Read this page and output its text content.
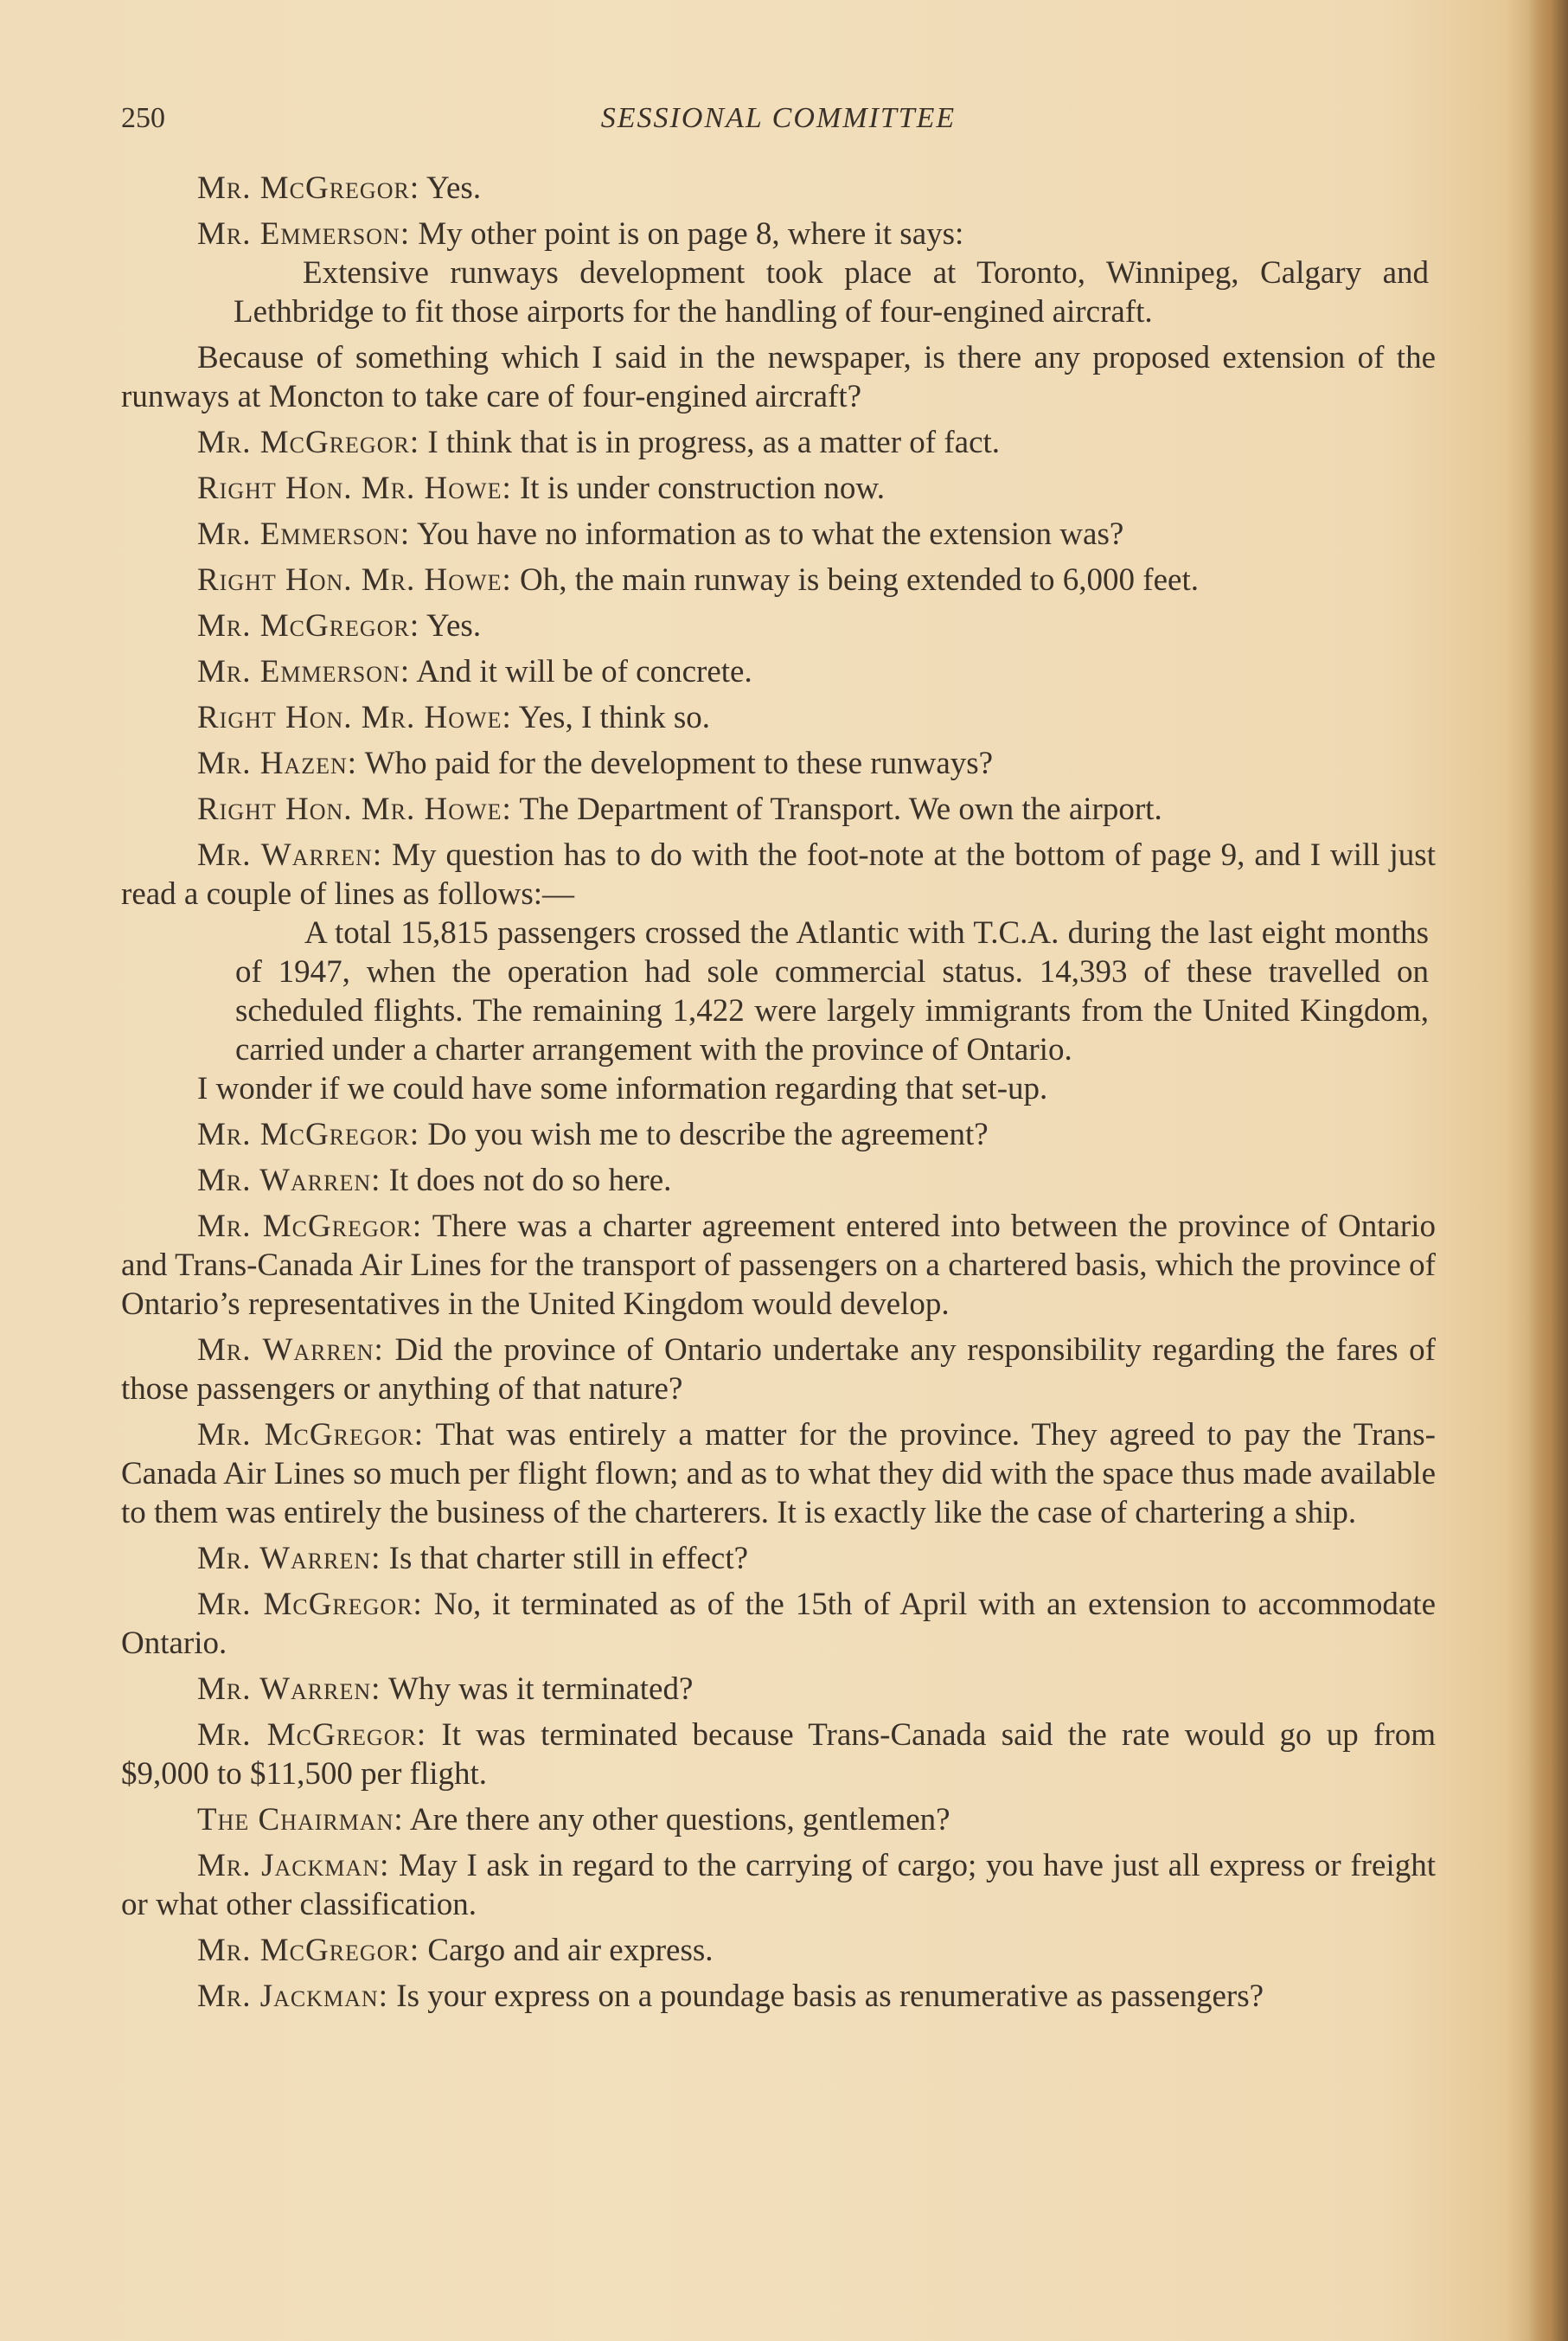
250	SESSIONAL COMMITTEE

Mr. McGregor: Yes.

Mr. Emmerson: My other point is on page 8, where it says:

Extensive runways development took place at Toronto, Winnipeg, Calgary and Lethbridge to fit those airports for the handling of four-engined aircraft.

Because of something which I said in the newspaper, is there any proposed extension of the runways at Moncton to take care of four-engined aircraft?

Mr. McGregor: I think that is in progress, as a matter of fact.

Right Hon. Mr. Howe: It is under construction now.

Mr. Emmerson: You have no information as to what the extension was?

Right Hon. Mr. Howe: Oh, the main runway is being extended to 6,000 feet.

Mr. McGregor: Yes.

Mr. Emmerson: And it will be of concrete.

Right Hon. Mr. Howe: Yes, I think so.

Mr. Hazen: Who paid for the development to these runways?

Right Hon. Mr. Howe: The Department of Transport. We own the airport.

Mr. Warren: My question has to do with the foot-note at the bottom of page 9, and I will just read a couple of lines as follows:—

A total 15,815 passengers crossed the Atlantic with T.C.A. during the last eight months of 1947, when the operation had sole commercial status. 14,393 of these travelled on scheduled flights. The remaining 1,422 were largely immigrants from the United Kingdom, carried under a charter arrangement with the province of Ontario.

I wonder if we could have some information regarding that set-up.

Mr. McGregor: Do you wish me to describe the agreement?

Mr. Warren: It does not do so here.

Mr. McGregor: There was a charter agreement entered into between the province of Ontario and Trans-Canada Air Lines for the transport of passengers on a chartered basis, which the province of Ontario’s representatives in the United Kingdom would develop.

Mr. Warren: Did the province of Ontario undertake any responsibility regarding the fares of those passengers or anything of that nature?

Mr. McGregor: That was entirely a matter for the province. They agreed to pay the Trans-Canada Air Lines so much per flight flown; and as to what they did with the space thus made available to them was entirely the business of the charterers. It is exactly like the case of chartering a ship.

Mr. Warren: Is that charter still in effect?

Mr. McGregor: No, it terminated as of the 15th of April with an extension to accommodate Ontario.

Mr. Warren: Why was it terminated?

Mr. McGregor: It was terminated because Trans-Canada said the rate would go up from $9,000 to $11,500 per flight.

The Chairman: Are there any other questions, gentlemen?

Mr. Jackman: May I ask in regard to the carrying of cargo; you have just all express or freight or what other classification.

Mr. McGregor: Cargo and air express.

Mr. Jackman: Is your express on a poundage basis as renumerative as passengers?
